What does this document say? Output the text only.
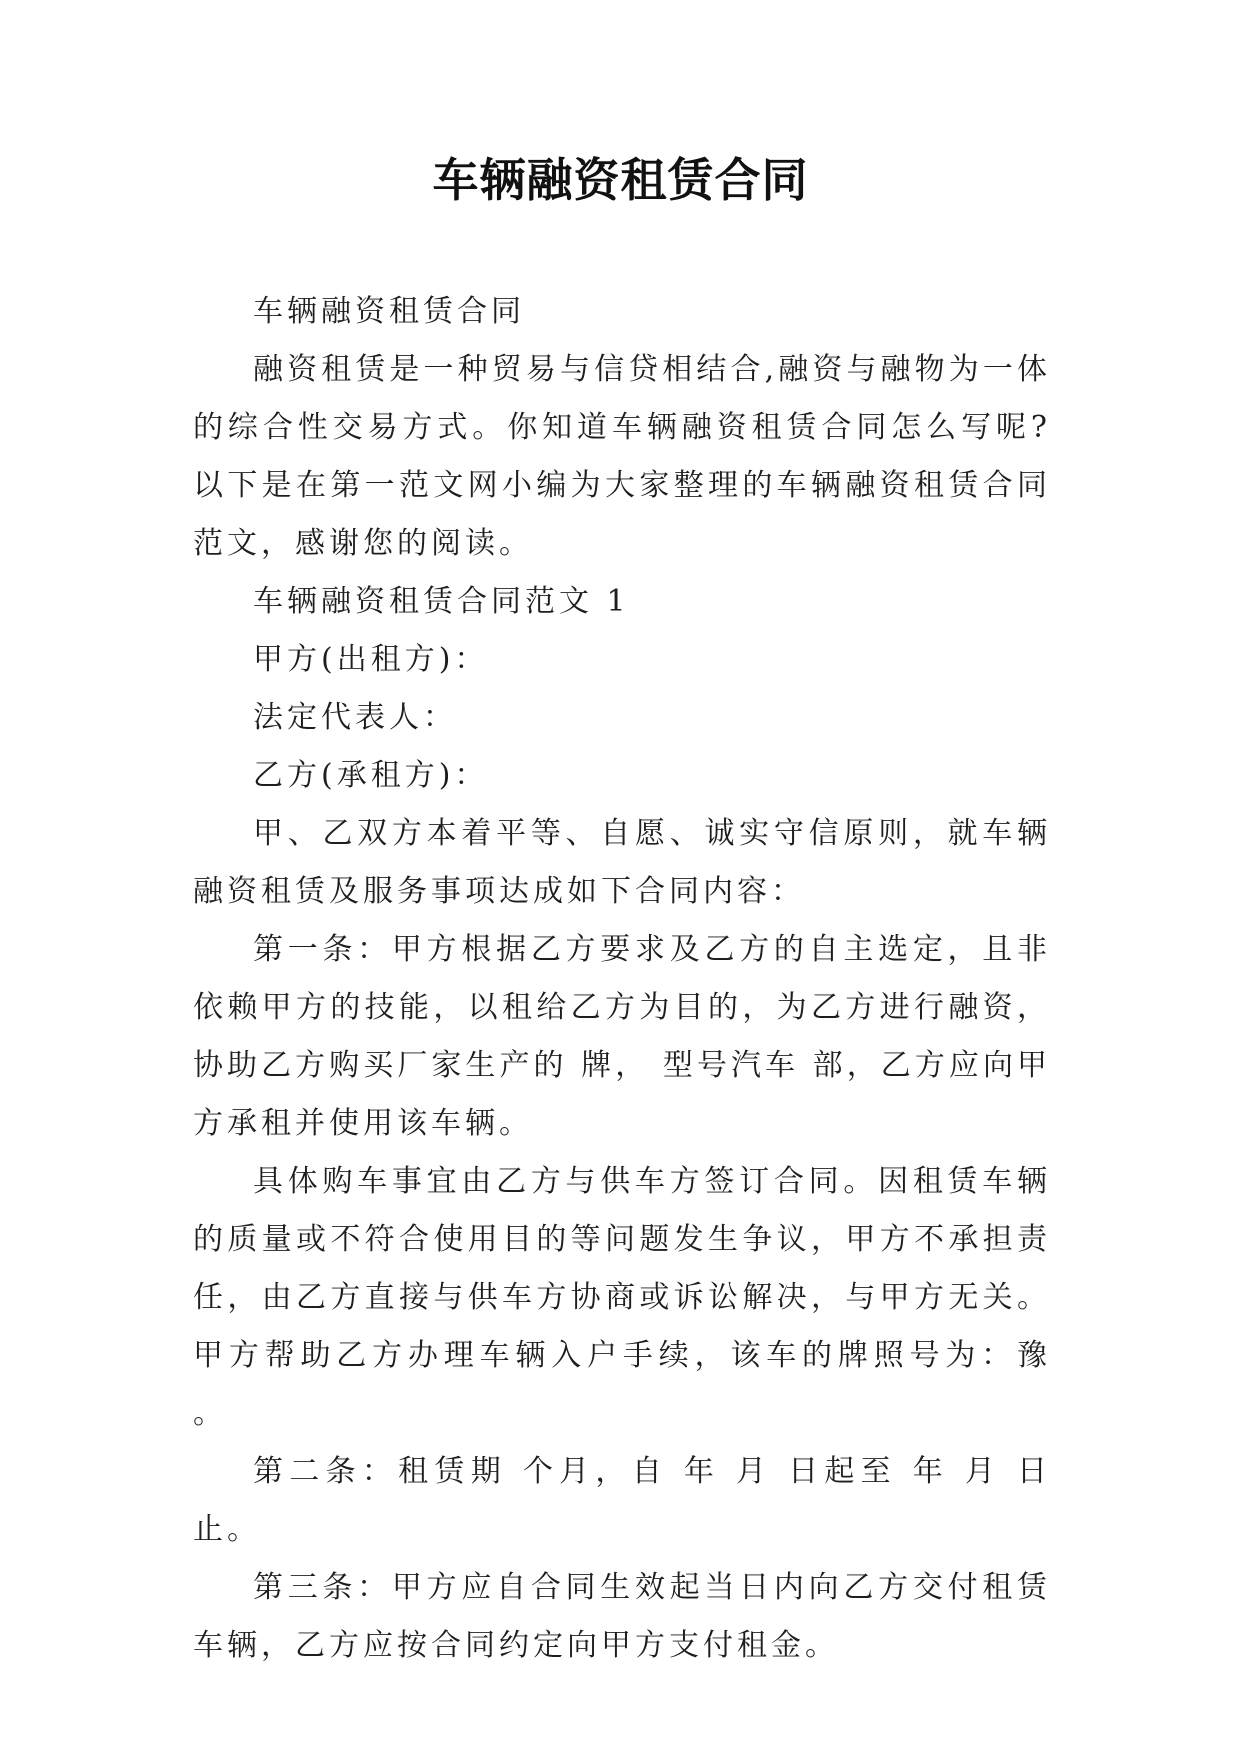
车辆融资租赁合同

车辆融资租赁合同

融资租赁是一种贸易与信贷相结合,融资与融物为一体的综合性交易方式。你知道车辆融资租赁合同怎么写呢?以下是在第一范文网小编为大家整理的车辆融资租赁合同范文，感谢您的阅读。

车辆融资租赁合同范文 1

甲方(出租方)：

法定代表人：

乙方(承租方)：

甲、乙双方本着平等、自愿、诚实守信原则，就车辆融资租赁及服务事项达成如下合同内容：

第一条：甲方根据乙方要求及乙方的自主选定，且非依赖甲方的技能，以租给乙方为目的，为乙方进行融资，协助乙方购买厂家生产的 牌， 型号汽车 部，乙方应向甲方承租并使用该车辆。

具体购车事宜由乙方与供车方签订合同。因租赁车辆的质量或不符合使用目的等问题发生争议，甲方不承担责任，由乙方直接与供车方协商或诉讼解决，与甲方无关。甲方帮助乙方办理车辆入户手续，该车的牌照号为：豫 。

第二条：租赁期 个月，自 年 月 日起至 年 月 日止。

第三条：甲方应自合同生效起当日内向乙方交付租赁车辆，乙方应按合同约定向甲方支付租金。
